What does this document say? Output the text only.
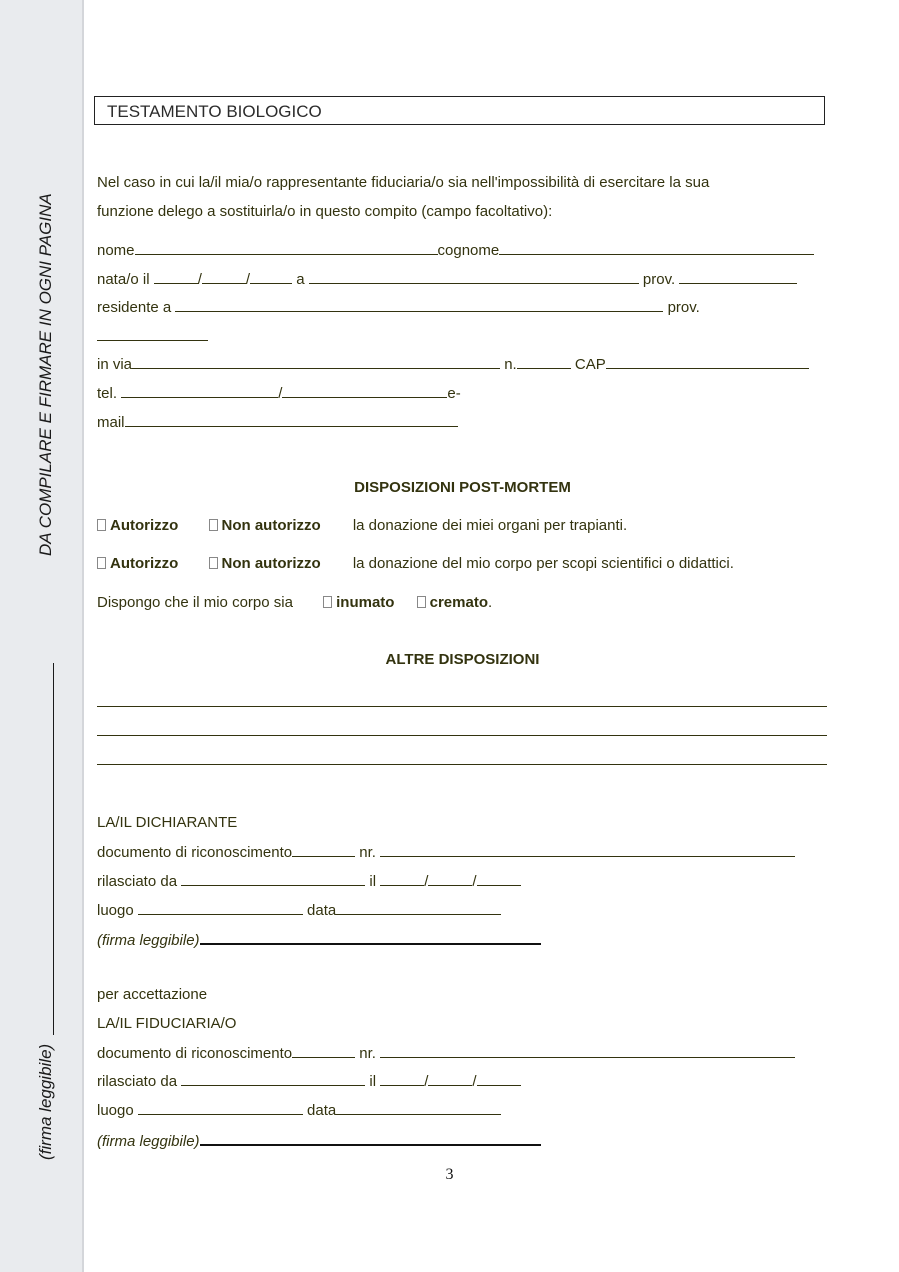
DA COMPILARE E FIRMARE IN OGNI PAGINA
(firma leggibile)
TESTAMENTO BIOLOGICO
Nel caso in cui la/il mia/o rappresentante fiduciaria/o sia nell'impossibilità di esercitare la sua
funzione delego a sostituirla/o in questo compito (campo facoltativo):
nome	cognome
nata/o il	/	/	a	prov.
residente a	prov.
in via	n.	CAP
tel.	/	e-
mail
DISPOSIZIONI POST-MORTEM
Autorizzo	Non autorizzo la donazione dei miei organi per trapianti.
Autorizzo	Non autorizzo la donazione del mio corpo per scopi scientifici o didattici.
Dispongo che il mio corpo sia	inumato cremato.
ALTRE DISPOSIZIONI
LA/IL DICHIARANTE
documento di riconoscimento	nr.
rilasciato da	il	/	/
luogo	data
(firma leggibile)
per accettazione
LA/IL FIDUCIARIA/O
documento di riconoscimento	nr.
rilasciato da	il	/	/
luogo	data
(firma leggibile)
3
